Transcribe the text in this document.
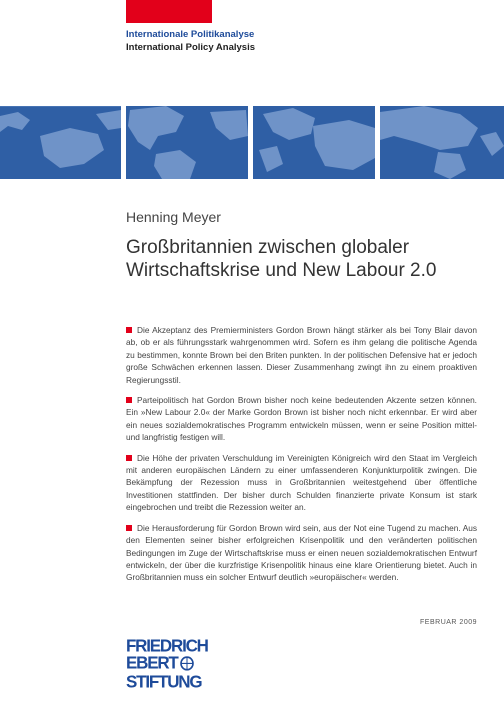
Internationale Politikanalyse
International Policy Analysis
Henning Meyer
Großbritannien zwischen globaler
Wirtschaftskrise und New Labour 2.0

Die Akzeptanz des Premierministers Gordon Brown hängt stärker als bei Tony Blair davon ab, ob er als führungsstark wahrgenommen wird. Sofern es ihm gelang die politische Agenda zu bestimmen, konnte Brown bei den Briten punkten. In der politischen Defensive hat er jedoch große Schwächen erkennen lassen. Dieser Zusammenhang zwingt ihn zu einem proaktiven Regierungsstil.

Parteipolitisch hat Gordon Brown bisher noch keine bedeutenden Akzente setzen können. Ein »New Labour 2.0« der Marke Gordon Brown ist bisher noch nicht erkennbar. Er wird aber ein neues sozialdemokratisches Programm entwickeln müssen, wenn er seine Position mittel- und langfristig festigen will.

Die Höhe der privaten Verschuldung im Vereinigten Königreich wird den Staat im Vergleich mit anderen europäischen Ländern zu einer umfassenderen Konjunkturpolitik zwingen. Die Bekämpfung der Rezession muss in Großbritannien weitestgehend über öffentliche Investitionen stattfinden. Der bisher durch Schulden finanzierte private Konsum ist stark eingebrochen und treibt die Rezession weiter an.

Die Herausforderung für Gordon Brown wird sein, aus der Not eine Tugend zu machen. Aus den Elementen seiner bisher erfolgreichen Krisenpolitik und den veränderten politischen Bedingungen im Zuge der Wirtschaftskrise muss er einen neuen sozialdemokratischen Entwurf entwickeln, der über die kurzfristige Krisenpolitik hinaus eine klare Orientierung bietet. Auch in Großbritannien muss ein solcher Entwurf deutlich »europäischer« werden.

FEBRUAR 2009
FRIEDRICH
EBERT
STIFTUNG
